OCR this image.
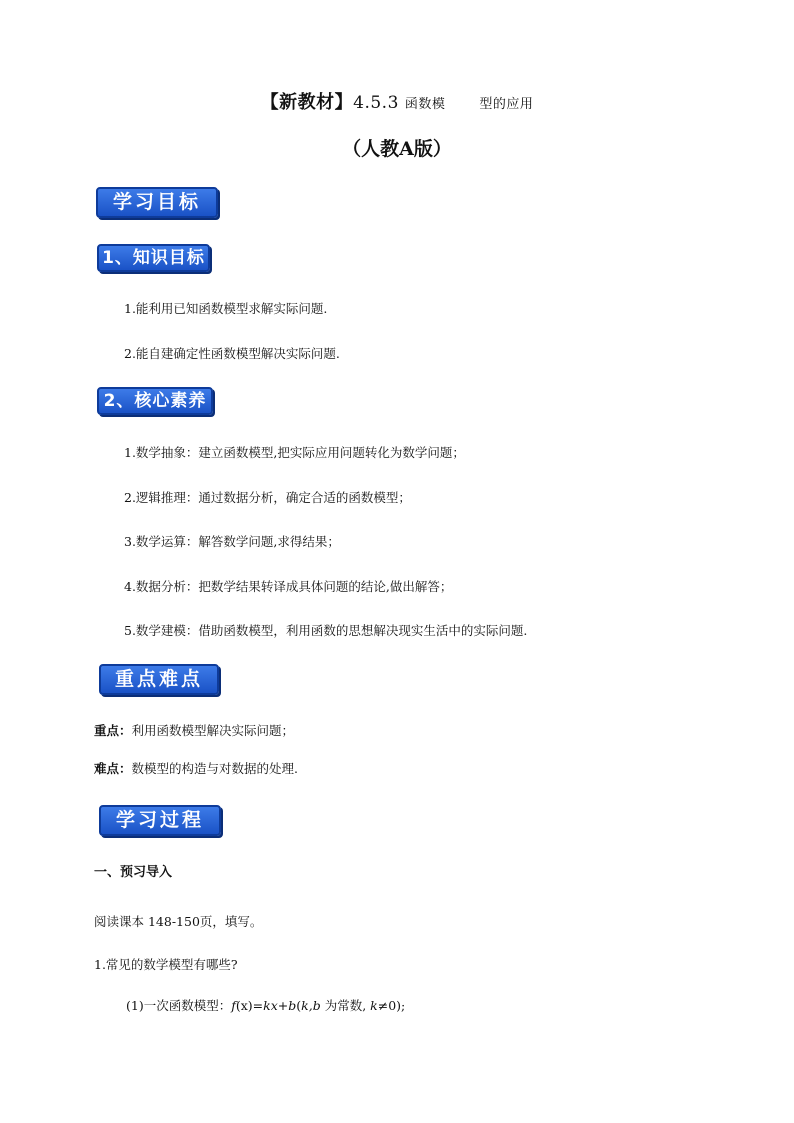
【新教材】4.5.3 函数模	型的应用
（人教A版）
学习目标
1、知识目标
1.能利用已知函数模型求解实际问题.
2.能自建确定性函数模型解决实际问题.
2、核心素养
1.数学抽象：建立函数模型,把实际应用问题转化为数学问题；
2.逻辑推理：通过数据分析，确定合适的函数模型；
3.数学运算：解答数学问题,求得结果；
4.数据分析：把数学结果转译成具体问题的结论,做出解答；
5.数学建模：借助函数模型，利用函数的思想解决现实生活中的实际问题.
重点难点
重点：利用函数模型解决实际问题；
难点：数模型的构造与对数据的处理.
学习过程
一、预习导入
阅读课本 148-150页，填写。
1.常见的数学模型有哪些?
(1)一次函数模型：f(x)=kx+b(k,b 为常数, k≠0);
